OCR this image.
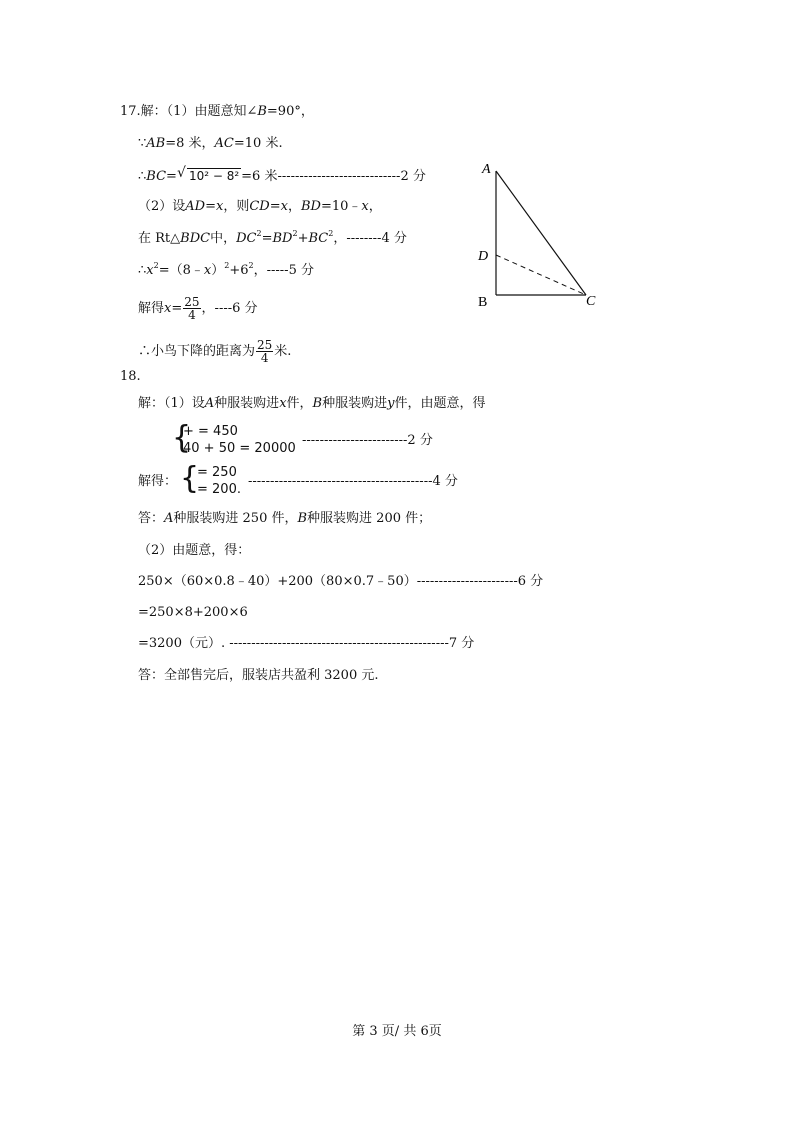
17.解：（1）由题意知∠B=90°，
∵AB=8 米，AC=10 米.
∴BC= √ 10² − 8² =6 米----------------------------2 分
（2）设AD=x，则CD=x，BD=10﹣x，
在 Rt△BDC中，$DC^2=BD^2+BC^2$，--------4 分
$\therefore x^2=(8﹣x)^2+6^2$，-----5 分
解得$x= \frac{25}{4}$ ，----6 分
∴小鸟下降的距离为 $\frac{25}{4}$ 米.
A
D
B	C
18.
解：（1）设A种服装购进x件，B种服装购进y件，由题意，得
{
+ = 450
40 + 50 = 20000
------------------------2 分
解得： {
= 250
= 200.
------------------------------------------4 分
答：A种服装购进 250 件，B种服装购进 200 件；
（2）由题意，得：
250×（60×0.8﹣40）+200（80×0.7﹣50）-----------------------6 分
=250×8+200×6
=3200（元）. --------------------------------------------------7 分
答：全部售完后，服装店共盈利 3200 元.
第 3 页/ 共 6页
